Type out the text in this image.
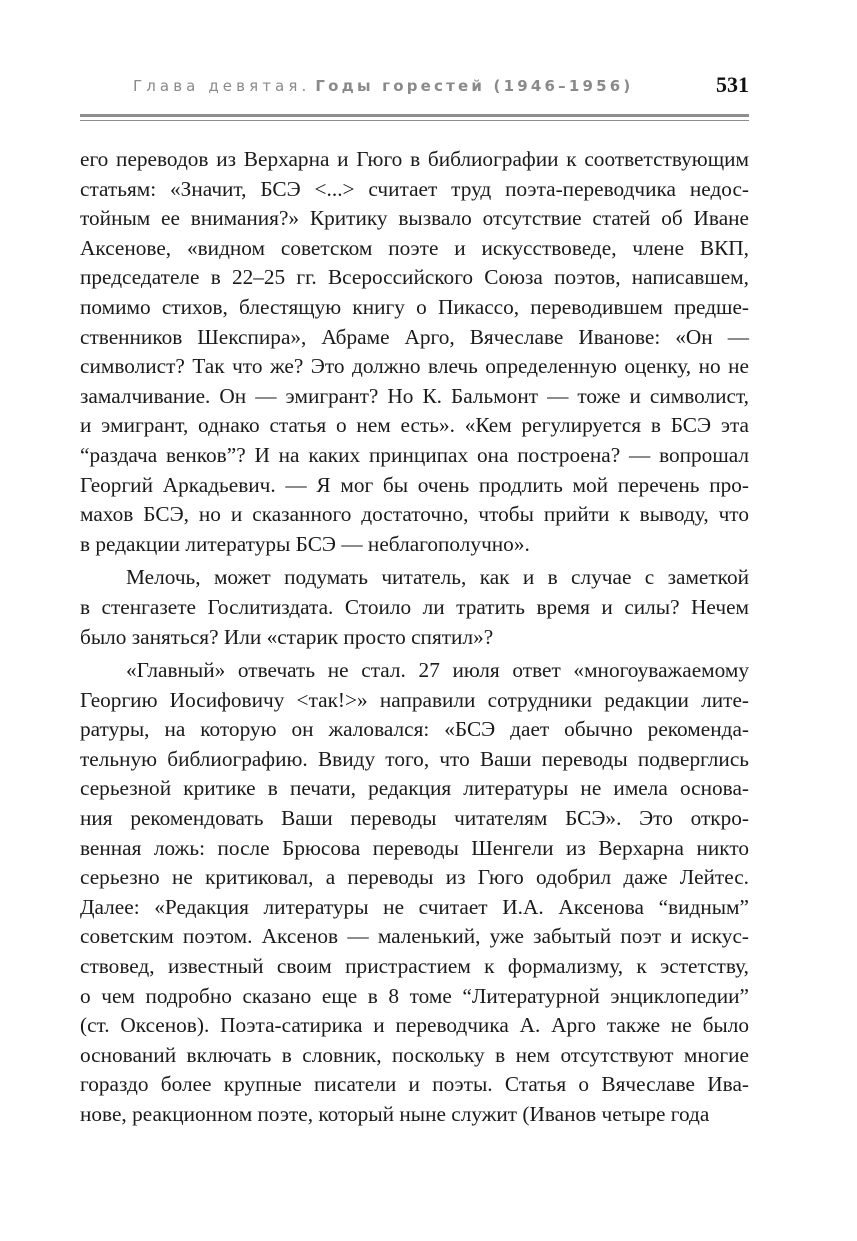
Глава девятая. Годы горестей (1946–1956)	531
его переводов из Верхарна и Гюго в библиографии к соответствующим
статьям: «Значит, БСЭ <...> считает труд поэта-переводчика недос-
тойным ее внимания?» Критику вызвало отсутствие статей об Иване
Аксенове, «видном советском поэте и искусствоведе, члене ВКП,
председателе в 22–25 гг. Всероссийского Союза поэтов, написавшем,
помимо стихов, блестящую книгу о Пикассо, переводившем предше-
ственников Шекспира», Абраме Арго, Вячеславе Иванове: «Он —
символист? Так что же? Это должно влечь определенную оценку, но не
замалчивание. Он — эмигрант? Но К. Бальмонт — тоже и символист,
и эмигрант, однако статья о нем есть». «Кем регулируется в БСЭ эта
“раздача венков”? И на каких принципах она построена? — вопрошал
Георгий Аркадьевич. — Я мог бы очень продлить мой перечень про-
махов БСЭ, но и сказанного достаточно, чтобы прийти к выводу, что
в редакции литературы БСЭ — неблагополучно».
Мелочь, может подумать читатель, как и в случае с заметкой
в стенгазете Гослитиздата. Стоило ли тратить время и силы? Нечем
было заняться? Или «старик просто спятил»?
«Главный» отвечать не стал. 27 июля ответ «многоуважаемому
Георгию Иосифовичу <так!>» направили сотрудники редакции лите-
ратуры, на которую он жаловался: «БСЭ дает обычно рекоменда-
тельную библиографию. Ввиду того, что Ваши переводы подверглись
серьезной критике в печати, редакция литературы не имела основа-
ния рекомендовать Ваши переводы читателям БСЭ». Это откро-
венная ложь: после Брюсова переводы Шенгели из Верхарна никто
серьезно не критиковал, а переводы из Гюго одобрил даже Лейтес.
Далее: «Редакция литературы не считает И.А. Аксенова “видным”
советским поэтом. Аксенов — маленький, уже забытый поэт и искус-
ствовед, известный своим пристрастием к формализму, к эстетству,
о чем подробно сказано еще в 8 томе “Литературной энциклопедии”
(ст. Оксенов). Поэта-сатирика и переводчика А. Арго также не было
оснований включать в словник, поскольку в нем отсутствуют многие
гораздо более крупные писатели и поэты. Статья о Вячеславе Ива-
нове, реакционном поэте, который ныне служит (Иванов четыре года
